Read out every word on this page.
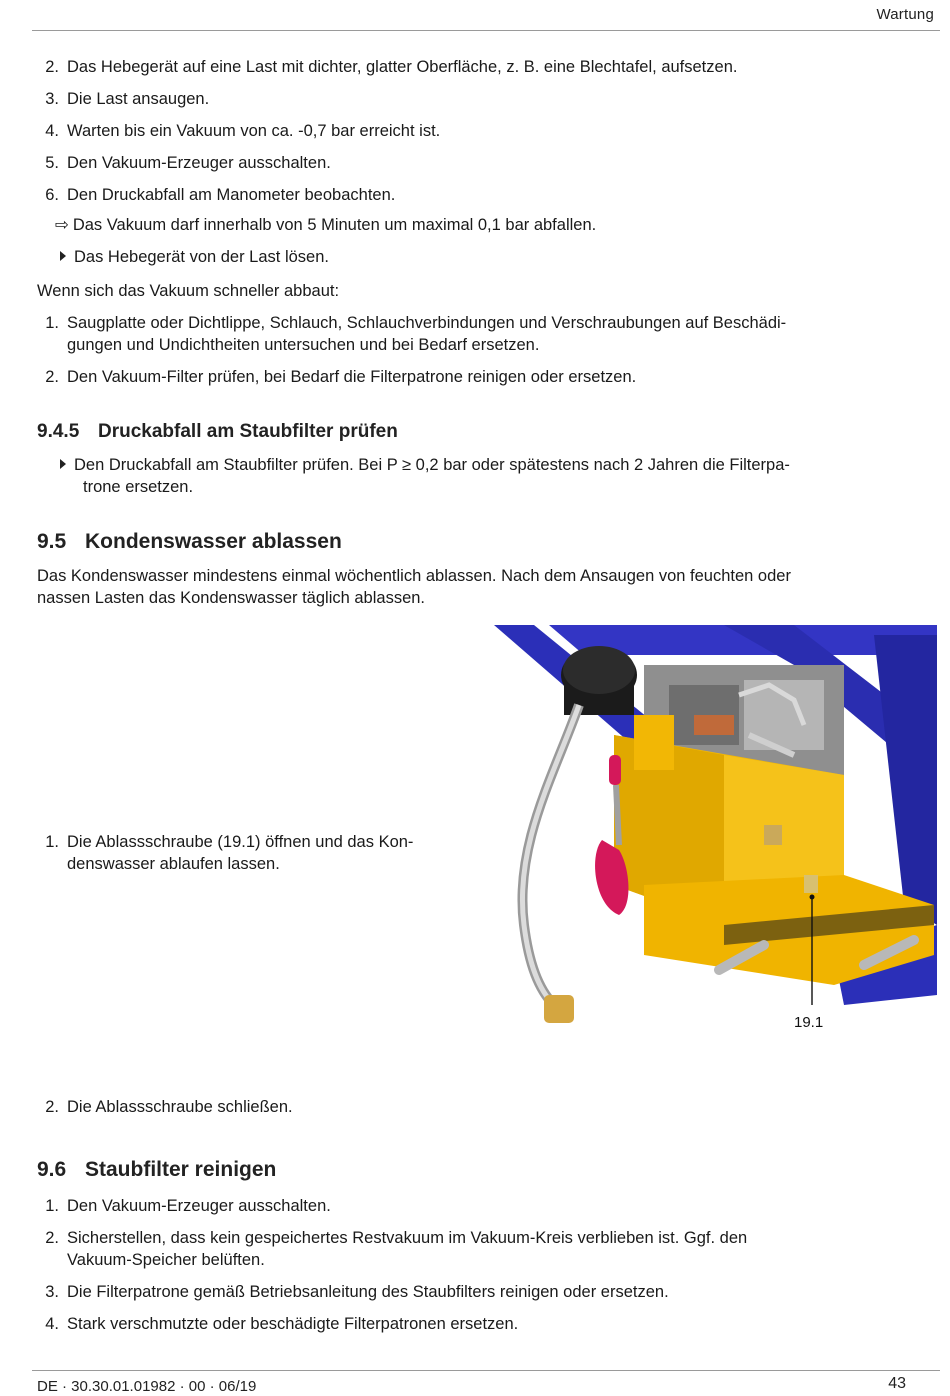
Wartung
2. Das Hebegerät auf eine Last mit dichter, glatter Oberfläche, z. B. eine Blechtafel, aufsetzen.
3. Die Last ansaugen.
4. Warten bis ein Vakuum von ca. -0,7 bar erreicht ist.
5. Den Vakuum-Erzeuger ausschalten.
6. Den Druckabfall am Manometer beobachten.
⇨ Das Vakuum darf innerhalb von 5 Minuten um maximal 0,1 bar abfallen.
Das Hebegerät von der Last lösen.
Wenn sich das Vakuum schneller abbaut:
1. Saugplatte oder Dichtlippe, Schlauch, Schlauchverbindungen und Verschraubungen auf Beschädi-
gungen und Undichtheiten untersuchen und bei Bedarf ersetzen.
2. Den Vakuum-Filter prüfen, bei Bedarf die Filterpatrone reinigen oder ersetzen.
9.4.5 Druckabfall am Staubfilter prüfen
Den Druckabfall am Staubfilter prüfen. Bei P ≥ 0,2 bar oder spätestens nach 2 Jahren die Filterpa-
trone ersetzen.
9.5 Kondenswasser ablassen
Das Kondenswasser mindestens einmal wöchentlich ablassen. Nach dem Ansaugen von feuchten oder
nassen Lasten das Kondenswasser täglich ablassen.
1. Die Ablassschraube (19.1) öffnen und das Kon-
denswasser ablaufen lassen.
19.1
2. Die Ablassschraube schließen.
9.6 Staubfilter reinigen
1. Den Vakuum-Erzeuger ausschalten.
2. Sicherstellen, dass kein gespeichertes Restvakuum im Vakuum-Kreis verblieben ist. Ggf. den
Vakuum-Speicher belüften.
3. Die Filterpatrone gemäß Betriebsanleitung des Staubfilters reinigen oder ersetzen.
4. Stark verschmutzte oder beschädigte Filterpatronen ersetzen.
DE · 30.30.01.01982 · 00 · 06/19	43
